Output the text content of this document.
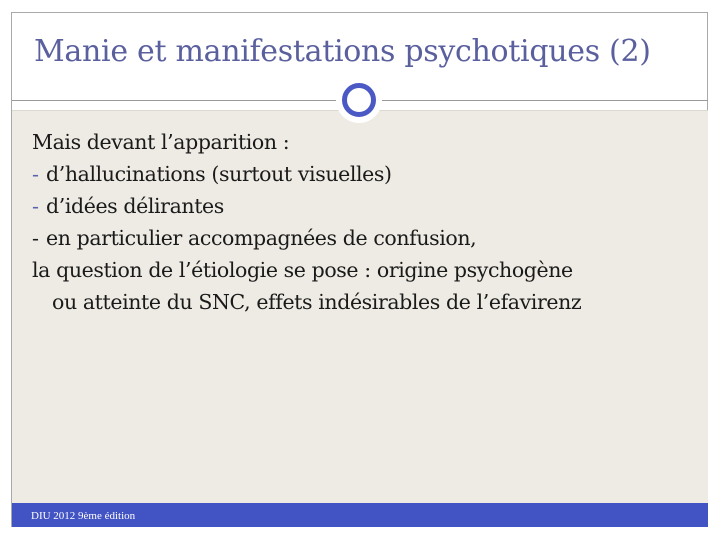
Manie et manifestations psychotiques (2)
Mais devant l’apparition :
- d’hallucinations (surtout visuelles)
- d’idées délirantes
- en particulier accompagnées de confusion,
la question de l’étiologie se pose : origine psychogène
ou atteinte du SNC, effets indésirables de l’efavirenz
DIU 2012 9ème édition
